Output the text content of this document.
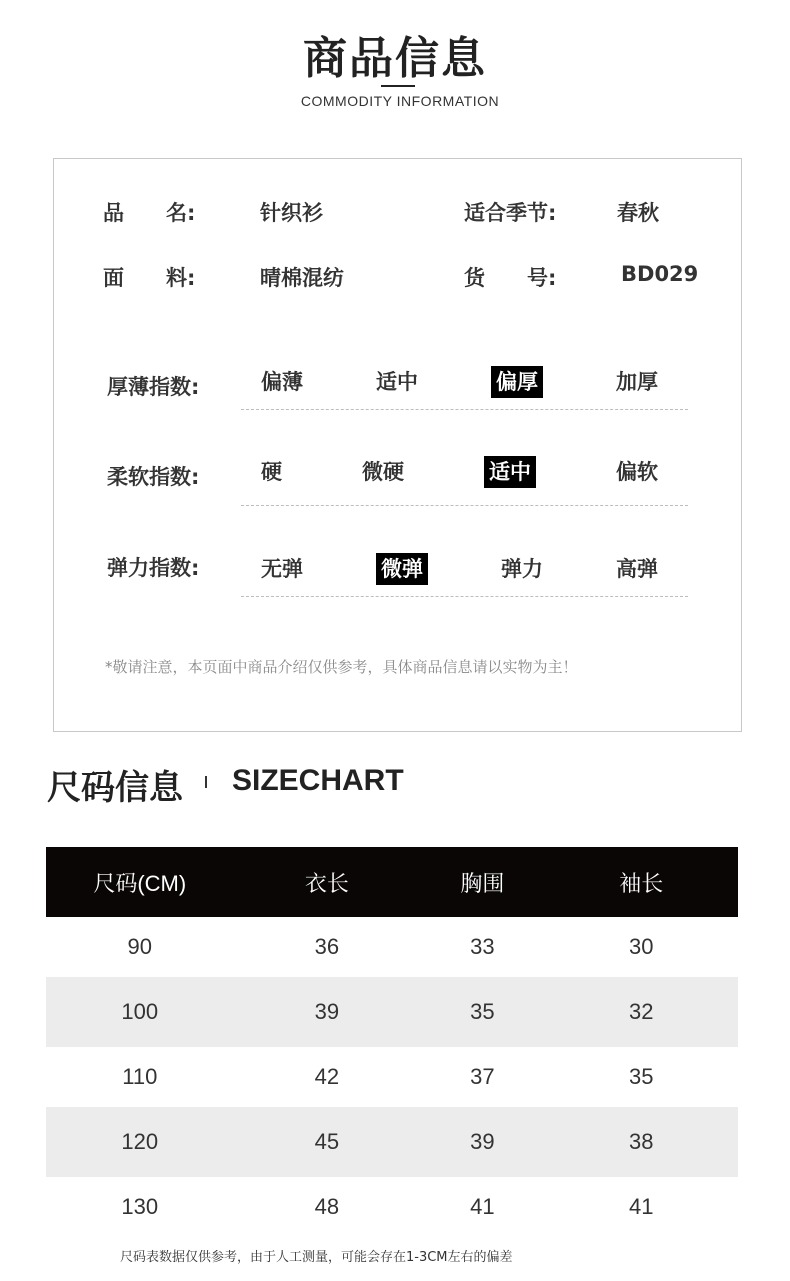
商品信息
COMMODITY INFORMATION
品　　名:	针织衫	适合季节:	春秋
面　　料:	晴棉混纺	货　　号:	BD029
厚薄指数:	偏薄	适中	偏厚	加厚
柔软指数:	硬	微硬	适中	偏软
弹力指数:	无弹	微弹	弹力	高弹
*敬请注意，本页面中商品介绍仅供参考，具体商品信息请以实物为主！
尺码信息 SIZECHART
尺码(CM)	衣长	胸围	袖长
90	36	33	30
100	39	35	32
110	42	37	35
120	45	39	38
130	48	41	41
尺码表数据仅供参考，由于人工测量，可能会存在1-3CM左右的偏差
